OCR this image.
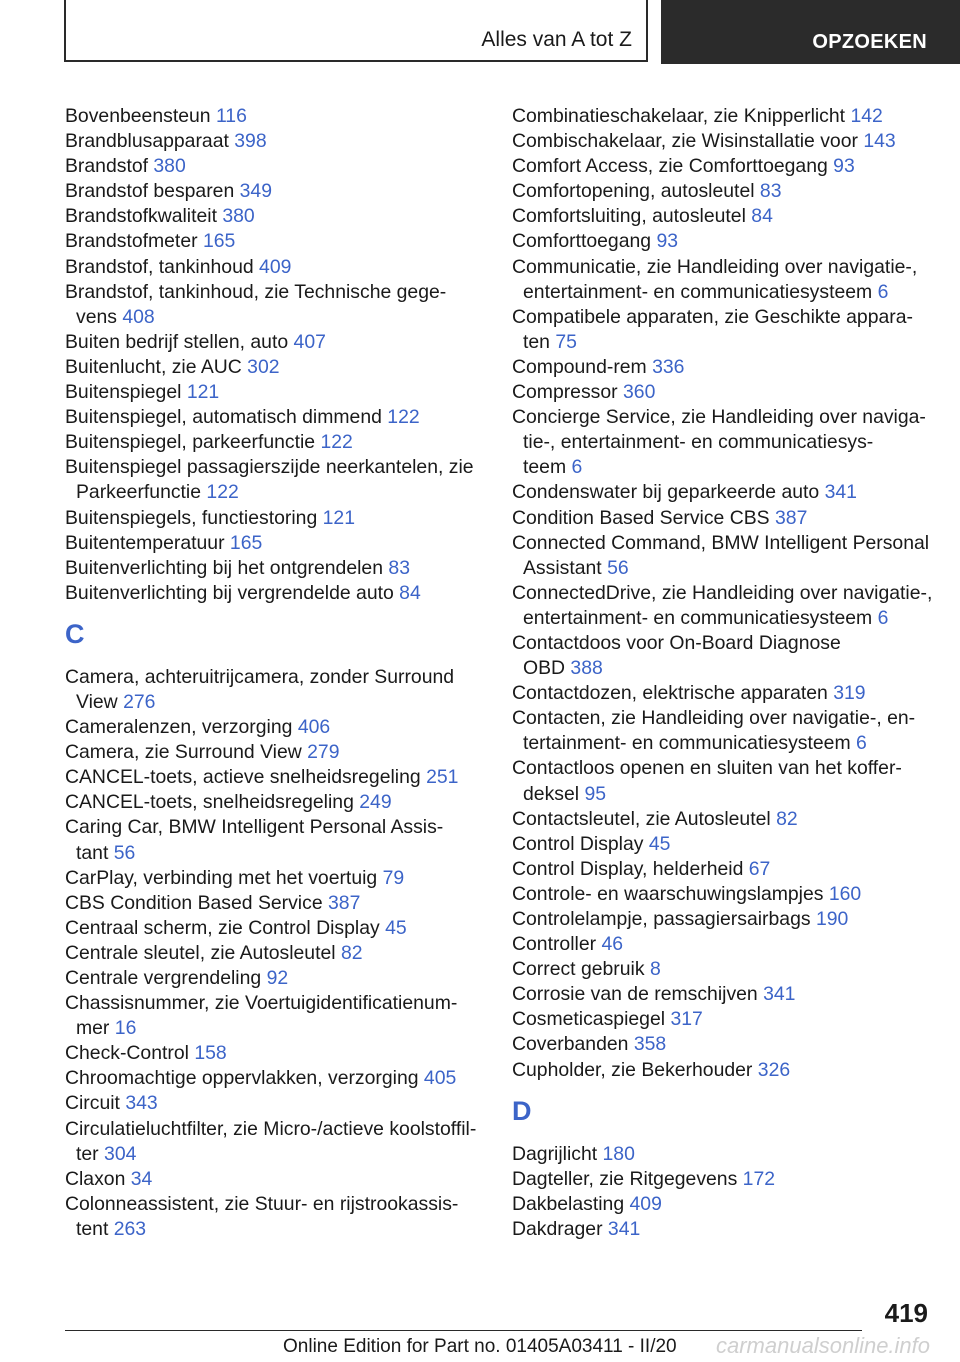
Alles van A tot Z	OPZOEKEN
Bovenbeensteun 116
Brandblusapparaat 398
Brandstof 380
Brandstof besparen 349
Brandstofkwaliteit 380
Brandstofmeter 165
Brandstof, tankinhoud 409
Brandstof, tankinhoud, zie Technische gege-
vens 408
Buiten bedrijf stellen, auto 407
Buitenlucht, zie AUC 302
Buitenspiegel 121
Buitenspiegel, automatisch dimmend 122
Buitenspiegel, parkeerfunctie 122
Buitenspiegel passagierszijde neerkantelen, zie
Parkeerfunctie 122
Buitenspiegels, functiestoring 121
Buitentemperatuur 165
Buitenverlichting bij het ontgrendelen 83
Buitenverlichting bij vergrendelde auto 84
C
Camera, achteruitrijcamera, zonder Surround
View 276
Cameralenzen, verzorging 406
Camera, zie Surround View 279
CANCEL-toets, actieve snelheidsregeling 251
CANCEL-toets, snelheidsregeling 249
Caring Car, BMW Intelligent Personal Assis-
tant 56
CarPlay, verbinding met het voertuig 79
CBS Condition Based Service 387
Centraal scherm, zie Control Display 45
Centrale sleutel, zie Autosleutel 82
Centrale vergrendeling 92
Chassisnummer, zie Voertuigidentificatienum-
mer 16
Check-Control 158
Chroomachtige oppervlakken, verzorging 405
Circuit 343
Circulatieluchtfilter, zie Micro-/actieve koolstoffil-
ter 304
Claxon 34
Colonneassistent, zie Stuur- en rijstrookassis-
tent 263
Combinatieschakelaar, zie Knipperlicht 142
Combischakelaar, zie Wisinstallatie voor 143
Comfort Access, zie Comforttoegang 93
Comfortopening, autosleutel 83
Comfortsluiting, autosleutel 84
Comforttoegang 93
Communicatie, zie Handleiding over navigatie-,
entertainment- en communicatiesysteem 6
Compatibele apparaten, zie Geschikte appara-
ten 75
Compound-rem 336
Compressor 360
Concierge Service, zie Handleiding over naviga-
tie-, entertainment- en communicatiesys-
teem 6
Condenswater bij geparkeerde auto 341
Condition Based Service CBS 387
Connected Command, BMW Intelligent Personal
Assistant 56
ConnectedDrive, zie Handleiding over navigatie-,
entertainment- en communicatiesysteem 6
Contactdoos voor On-Board Diagnose
OBD 388
Contactdozen, elektrische apparaten 319
Contacten, zie Handleiding over navigatie-, en-
tertainment- en communicatiesysteem 6
Contactloos openen en sluiten van het koffer-
deksel 95
Contactsleutel, zie Autosleutel 82
Control Display 45
Control Display, helderheid 67
Controle- en waarschuwingslampjes 160
Controlelampje, passagiersairbags 190
Controller 46
Correct gebruik 8
Corrosie van de remschijven 341
Cosmeticaspiegel 317
Coverbanden 358
Cupholder, zie Bekerhouder 326
D
Dagrijlicht 180
Dagteller, zie Ritgegevens 172
Dakbelasting 409
Dakdrager 341
419
Online Edition for Part no. 01405A03411 - II/20 carmanualsonline.info
